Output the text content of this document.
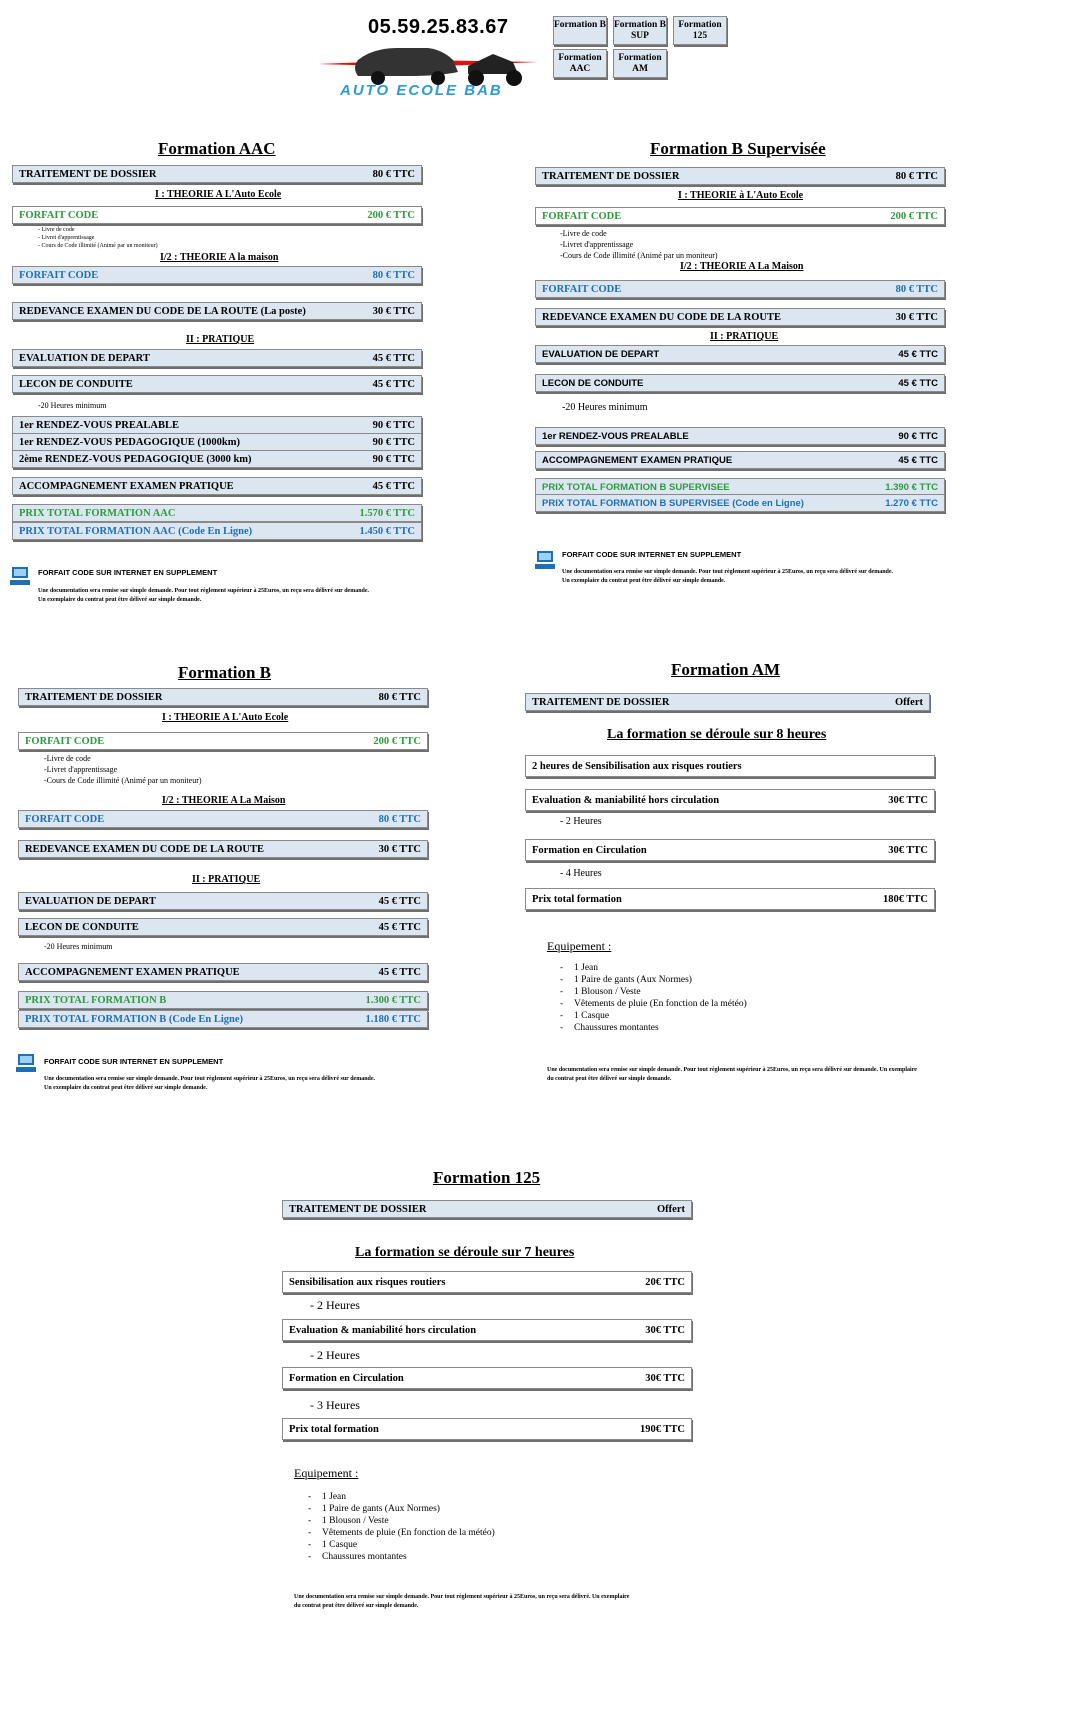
05.59.25.83.67
AUTO ECOLE BAB
Formation B Formation B SUP
Formation 125
Formation AAC
Formation AM
Formation AAC
TRAITEMENT DE DOSSIER	80 € TTC
I : THEORIE A L'Auto Ecole
FORFAIT CODE	200 € TTC
- Livre de code
- Livret d'apprentissage
- Cours de Code illimité (Animé par un moniteur)
I/2 : THEORIE A la maison
FORFAIT CODE	80 € TTC
REDEVANCE EXAMEN DU CODE DE LA ROUTE (La poste)	30 € TTC
II : PRATIQUE
EVALUATION DE DEPART	45 € TTC
LECON DE CONDUITE	45 € TTC
-20 Heures minimum
1er RENDEZ-VOUS PREALABLE	90 € TTC
1er RENDEZ-VOUS PEDAGOGIQUE (1000km)	90 € TTC
2ème RENDEZ-VOUS PEDAGOGIQUE (3000 km)	90 € TTC
ACCOMPAGNEMENT EXAMEN PRATIQUE	45 € TTC
PRIX TOTAL FORMATION AAC	1.570 € TTC
PRIX TOTAL FORMATION AAC (Code En Ligne)	1.450 € TTC
FORFAIT CODE SUR INTERNET EN SUPPLEMENT
Une documentation sera remise sur simple demande. Pour tout règlement supérieur à 25Euros, un reçu sera délivré sur demande.
Un exemplaire du contrat peut être délivré sur simple demande.
Formation B Supervisée
TRAITEMENT DE DOSSIER	80 € TTC
I : THEORIE à L'Auto Ecole
FORFAIT CODE	200 € TTC
-Livre de code
-Livret d'apprentissage
-Cours de Code illimité (Animé par un moniteur)
I/2 : THEORIE A La Maison
FORFAIT CODE	80 € TTC
REDEVANCE EXAMEN DU CODE DE LA ROUTE	30 € TTC
II : PRATIQUE
EVALUATION DE DEPART	45 € TTC
LECON DE CONDUITE	45 € TTC
-20 Heures minimum
1er RENDEZ-VOUS PREALABLE	90 € TTC
ACCOMPAGNEMENT EXAMEN PRATIQUE	45 € TTC
PRIX TOTAL FORMATION B SUPERVISEE	1.390 € TTC
PRIX TOTAL FORMATION B SUPERVISEE (Code en Ligne)	1.270 € TTC
FORFAIT CODE SUR INTERNET EN SUPPLEMENT
Une documentation sera remise sur simple demande. Pour tout règlement supérieur à 25Euros, un reçu sera délivré sur demande.
Un exemplaire du contrat peut être délivré sur simple demande.
Formation B
TRAITEMENT DE DOSSIER	80 € TTC
I : THEORIE A L'Auto Ecole
FORFAIT CODE	200 € TTC
-Livre de code
-Livret d'apprentissage
-Cours de Code illimité (Animé par un moniteur)
I/2 : THEORIE A La Maison
FORFAIT CODE	80 € TTC
REDEVANCE EXAMEN DU CODE DE LA ROUTE	30 € TTC
II : PRATIQUE
EVALUATION DE DEPART	45 € TTC
LECON DE CONDUITE	45 € TTC
-20 Heures minimum
ACCOMPAGNEMENT EXAMEN PRATIQUE	45 € TTC
PRIX TOTAL FORMATION B	1.300 € TTC
PRIX TOTAL FORMATION B (Code En Ligne)	1.180 € TTC
FORFAIT CODE SUR INTERNET EN SUPPLEMENT
Une documentation sera remise sur simple demande. Pour tout règlement supérieur à 25Euros, un reçu sera délivré sur demande.
Un exemplaire du contrat peut être délivré sur simple demande.
Formation AM
TRAITEMENT DE DOSSIER	Offert
La formation se déroule sur 8 heures
2 heures de Sensibilisation aux risques routiers
Evaluation & maniabilité hors circulation	30€ TTC
- 2 Heures
Formation en Circulation	30€ TTC
- 4 Heures
Prix total formation	180€ TTC
Equipement :
- 1 Jean
- 1 Paire de gants (Aux Normes)
- 1 Blouson / Veste
- Vêtements de pluie (En fonction de la météo)
- 1 Casque
- Chaussures montantes
Une documentation sera remise sur simple demande. Pour tout règlement supérieur à 25Euros, un reçu sera délivré sur demande. Un exemplaire
du contrat peut être délivré sur simple demande.
Formation 125
TRAITEMENT DE DOSSIER	Offert
La formation se déroule sur 7 heures
Sensibilisation aux risques routiers	20€ TTC
- 2 Heures
Evaluation & maniabilité hors circulation	30€ TTC
- 2 Heures
Formation en Circulation	30€ TTC
- 3 Heures
Prix total formation	190€ TTC
Equipement :
- 1 Jean
- 1 Paire de gants (Aux Normes)
- 1 Blouson / Veste
- Vêtements de pluie (En fonction de la météo)
- 1 Casque
- Chaussures montantes
Une documentation sera remise sur simple demande. Pour tout règlement supérieur à 25Euros, un reçu sera délivré. Un exemplaire
du contrat peut être délivré sur simple demande.
